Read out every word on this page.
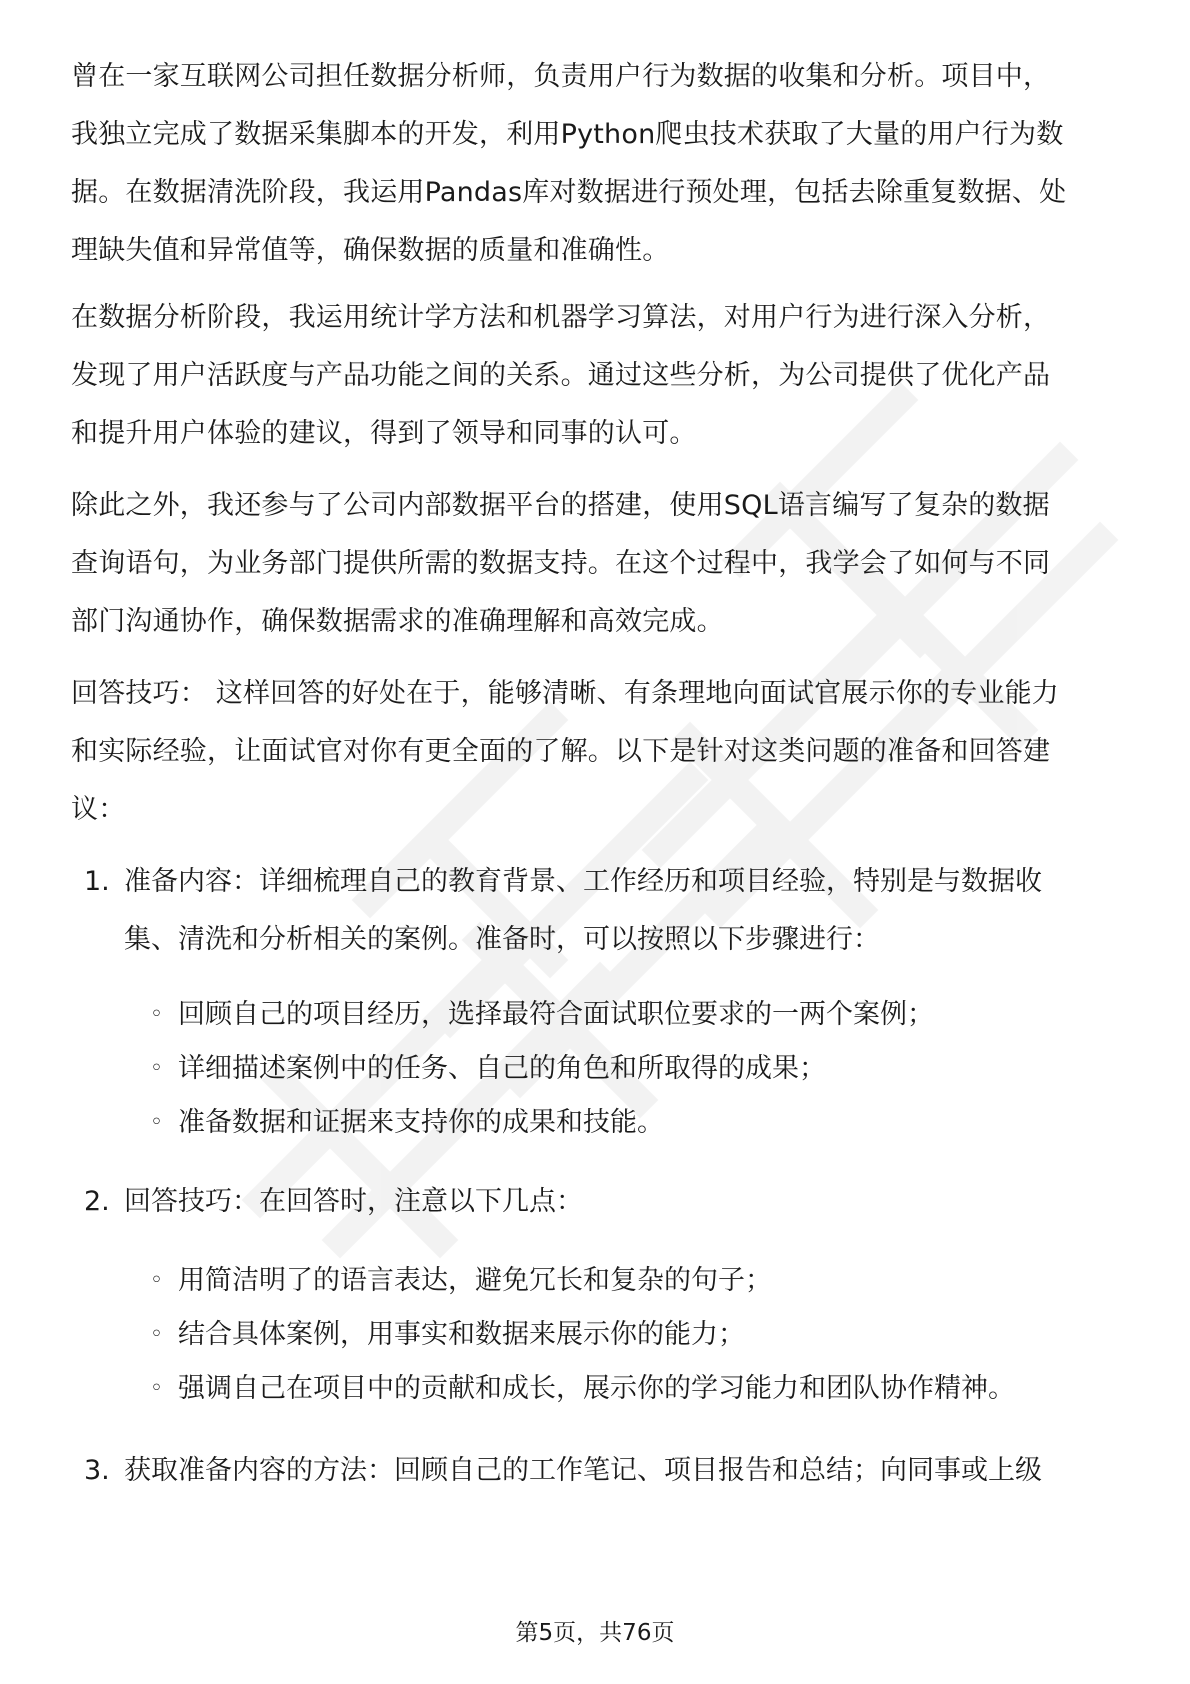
曾在一家互联网公司担任数据分析师，负责用户行为数据的收集和分析。项目中，
我独立完成了数据采集脚本的开发，利用Python爬虫技术获取了大量的用户行为数
据。在数据清洗阶段，我运用Pandas库对数据进行预处理，包括去除重复数据、处
理缺失值和异常值等，确保数据的质量和准确性。
在数据分析阶段，我运用统计学方法和机器学习算法，对用户行为进行深入分析，
发现了用户活跃度与产品功能之间的关系。通过这些分析，为公司提供了优化产品
和提升用户体验的建议，得到了领导和同事的认可。
除此之外，我还参与了公司内部数据平台的搭建，使用SQL语言编写了复杂的数据
查询语句，为业务部门提供所需的数据支持。在这个过程中，我学会了如何与不同
部门沟通协作，确保数据需求的准确理解和高效完成。
回答技巧： 这样回答的好处在于，能够清晰、有条理地向面试官展示你的专业能力
和实际经验，让面试官对你有更全面的了解。以下是针对这类问题的准备和回答建
议：
1. 准备内容：详细梳理自己的教育背景、工作经历和项目经验，特别是与数据收
集、清洗和分析相关的案例。准备时，可以按照以下步骤进行：
◦ 回顾自己的项目经历，选择最符合面试职位要求的一两个案例；
◦ 详细描述案例中的任务、自己的角色和所取得的成果；
◦ 准备数据和证据来支持你的成果和技能。
2. 回答技巧：在回答时，注意以下几点：
◦ 用简洁明了的语言表达，避免冗长和复杂的句子；
◦ 结合具体案例，用事实和数据来展示你的能力；
◦ 强调自己在项目中的贡献和成长，展示你的学习能力和团队协作精神。
3. 获取准备内容的方法：回顾自己的工作笔记、项目报告和总结；向同事或上级
第5页，共76页
